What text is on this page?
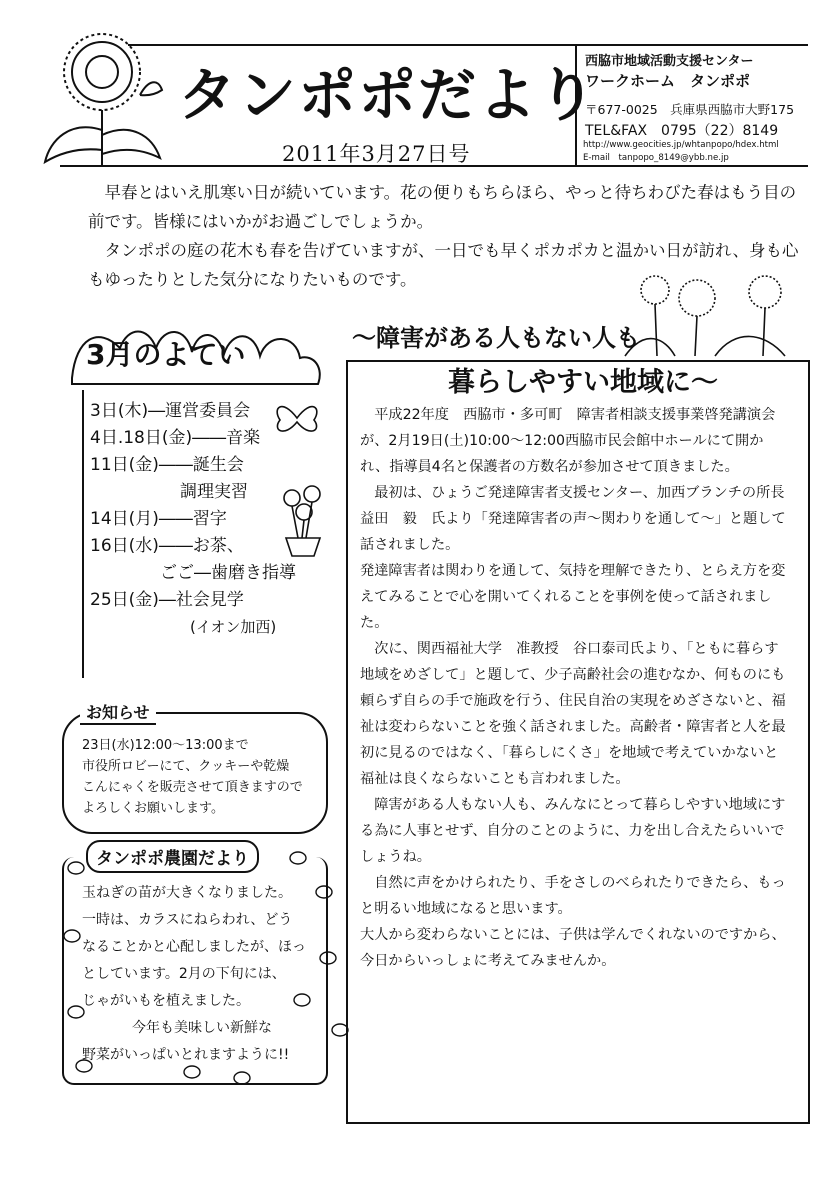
タンポポだより
2011年3月27日号
西脇市地域活動支援センター
ワークホーム　タンポポ
〒677-0025　兵庫県西脇市大野175
TEL&FAX　0795（22）8149
http://www.geocities.jp/whtanpopo/hdex.html
E-mail　tanpopo_8149@ybb.ne.jp

早春とはいえ肌寒い日が続いています。花の便りもちらほら、やっと待ちわびた春はもう目の前です。皆様にはいかがお過ごしでしょうか。

タンポポの庭の花木も春を告げていますが、一日でも早くポカポカと温かい日が訪れ、身も心もゆったりとした気分になりたいものです。

3月のよてい
3日(木)―運営委員会
4日.18日(金)――音楽
11日(金)――誕生会
調理実習
14日(月)――習字
16日(水)――お茶、
ごご―歯磨き指導
25日(金)―社会見学
(イオン加西)
お知らせ

23日(水)12:00〜13:00まで

市役所ロビーにて、クッキーや乾燥

こんにゃくを販売させて頂きますので

よろしくお願いします。

タンポポ農園だより

玉ねぎの苗が大きくなりました。

一時は、カラスにねらわれ、どう

なることかと心配しましたが、ほっ

としています。2月の下旬には、

じゃがいもを植えました。

今年も美味しい新鮮な

野菜がいっぱいとれますように!!

〜障害がある人もない人も
暮らしやすい地域に〜

平成22年度　西脇市・多可町　障害者相談支援事業啓発講演会が、2月19日(土)10:00〜12:00西脇市民会館中ホールにて開かれ、指導員4名と保護者の方数名が参加させて頂きました。

最初は、ひょうご発達障害者支援センター、加西ブランチの所長　益田　毅　氏より「発達障害者の声〜関わりを通して〜」と題して話されました。

発達障害者は関わりを通して、気持を理解できたり、とらえ方を変えてみることで心を開いてくれることを事例を使って話されました。

次に、関西福祉大学　准教授　谷口泰司氏より、「ともに暮らす地域をめざして」と題して、少子高齢社会の進むなか、何ものにも頼らず自らの手で施政を行う、住民自治の実現をめざさないと、福祉は変わらないことを強く話されました。高齢者・障害者と人を最初に見るのではなく、「暮らしにくさ」を地域で考えていかないと福祉は良くならないことも言われました。

障害がある人もない人も、みんなにとって暮らしやすい地域にする為に人事とせず、自分のことのように、力を出し合えたらいいでしょうね。

自然に声をかけられたり、手をさしのべられたりできたら、もっと明るい地域になると思います。

大人から変わらないことには、子供は学んでくれないのですから、今日からいっしょに考えてみませんか。
